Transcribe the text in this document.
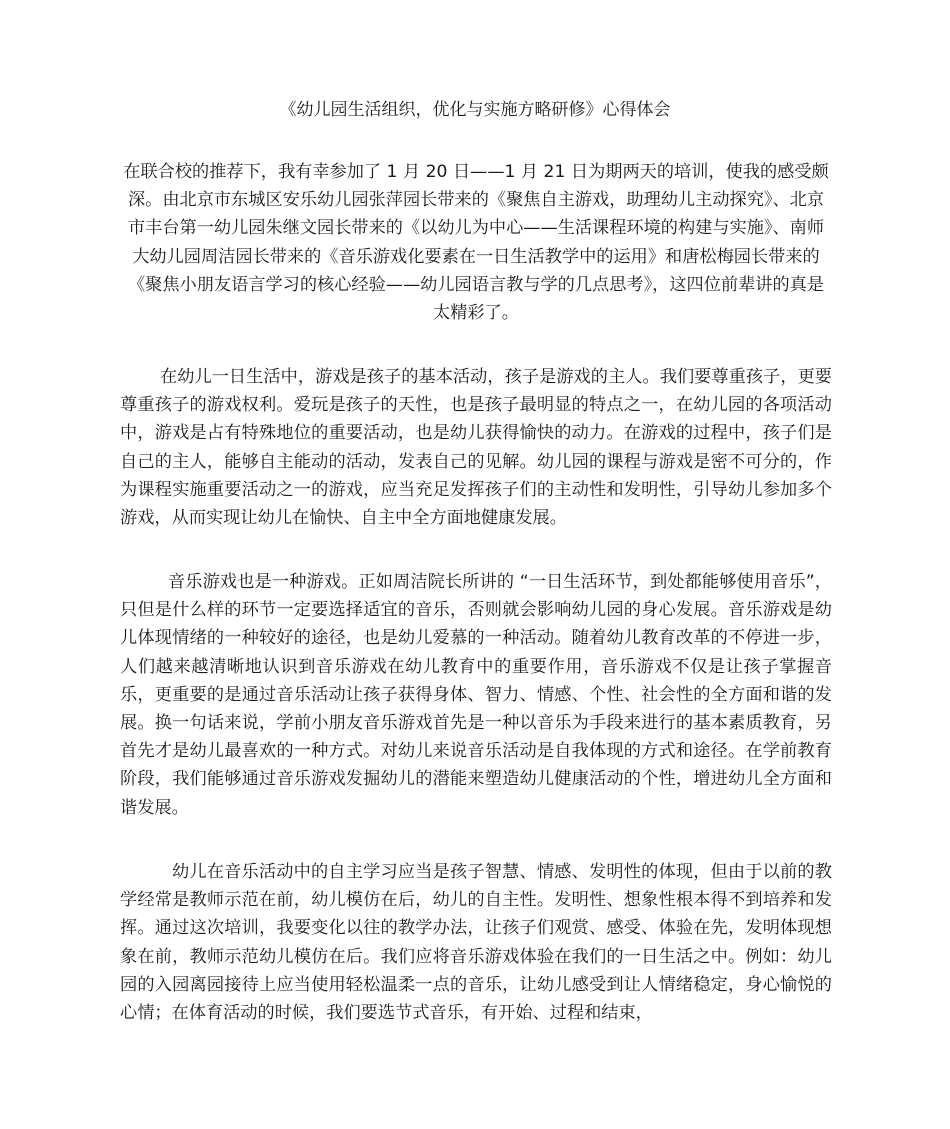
《幼儿园生活组织，优化与实施方略研修》心得体会

在联合校的推荐下，我有幸参加了 1 月 20 日——1 月 21 日为期两天的培训，使我的感受颇深。由北京市东城区安乐幼儿园张萍园长带来的《聚焦自主游戏，助理幼儿主动探究》、北京市丰台第一幼儿园朱继文园长带来的《以幼儿为中心——生活课程环境的构建与实施》、南师大幼儿园周洁园长带来的《音乐游戏化要素在一日生活教学中的运用》和唐松梅园长带来的《聚焦小朋友语言学习的核心经验——幼儿园语言教与学的几点思考》，这四位前辈讲的真是太精彩了。

在幼儿一日生活中，游戏是孩子的基本活动，孩子是游戏的主人。我们要尊重孩子，更要尊重孩子的游戏权利。爱玩是孩子的天性，也是孩子最明显的特点之一，在幼儿园的各项活动中，游戏是占有特殊地位的重要活动，也是幼儿获得愉快的动力。在游戏的过程中，孩子们是自己的主人，能够自主能动的活动，发表自己的见解。幼儿园的课程与游戏是密不可分的，作为课程实施重要活动之一的游戏，应当充足发挥孩子们的主动性和发明性，引导幼儿参加多个游戏，从而实现让幼儿在愉快、自主中全方面地健康发展。

音乐游戏也是一种游戏。正如周洁院长所讲的 “一日生活环节，到处都能够使用音乐”，只但是什么样的环节一定要选择适宜的音乐，否则就会影响幼儿园的身心发展。音乐游戏是幼儿体现情绪的一种较好的途径，也是幼儿爱慕的一种活动。随着幼儿教育改革的不停进一步，人们越来越清晰地认识到音乐游戏在幼儿教育中的重要作用，音乐游戏不仅是让孩子掌握音乐，更重要的是通过音乐活动让孩子获得身体、智力、情感、个性、社会性的全方面和谐的发展。换一句话来说，学前小朋友音乐游戏首先是一种以音乐为手段来进行的基本素质教育，另首先才是幼儿最喜欢的一种方式。对幼儿来说音乐活动是自我体现的方式和途径。在学前教育阶段，我们能够通过音乐游戏发掘幼儿的潜能来塑造幼儿健康活动的个性，增进幼儿全方面和谐发展。

幼儿在音乐活动中的自主学习应当是孩子智慧、情感、发明性的体现，但由于以前的教学经常是教师示范在前，幼儿模仿在后，幼儿的自主性。发明性、想象性根本得不到培养和发挥。通过这次培训，我要变化以往的教学办法，让孩子们观赏、感受、体验在先，发明体现想象在前，教师示范幼儿模仿在后。我们应将音乐游戏体验在我们的一日生活之中。例如：幼儿园的入园离园接待上应当使用轻松温柔一点的音乐，让幼儿感受到让人情绪稳定，身心愉悦的心情；在体育活动的时候，我们要选节式音乐，有开始、过程和结束，
